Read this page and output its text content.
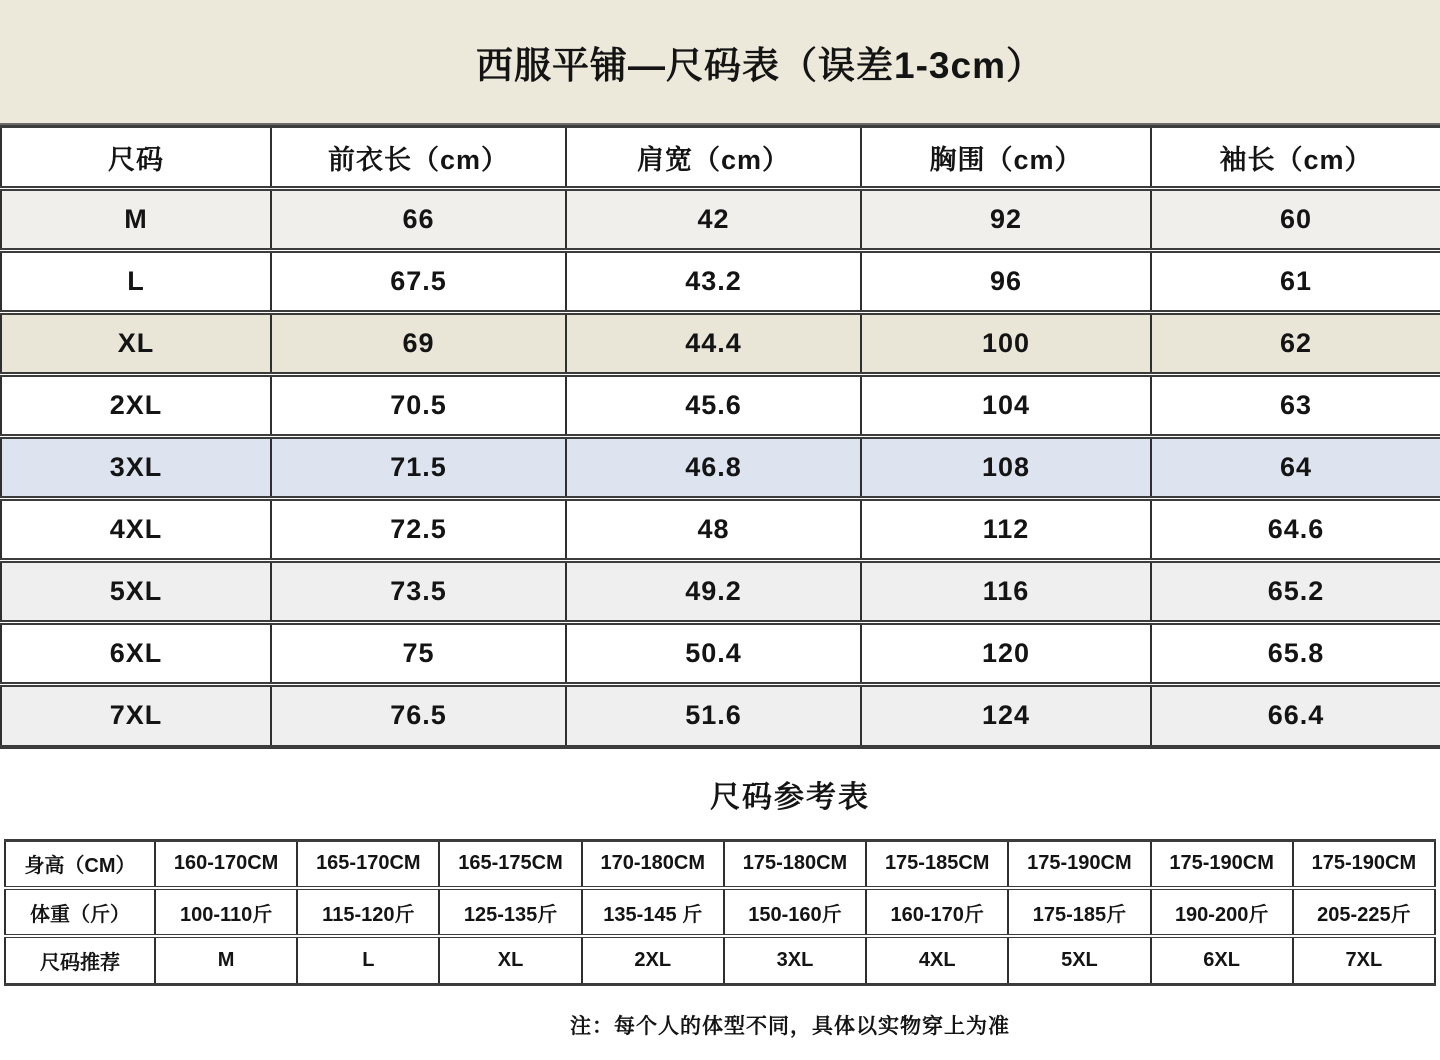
西服平铺—尺码表（误差1-3cm）
尺码	前衣长（cm）	肩宽（cm）	胸围（cm）	袖长（cm）
M	66	42	92	60
L	67.5	43.2	96	61
XL	69	44.4	100	62
2XL	70.5	45.6	104	63
3XL	71.5	46.8	108	64
4XL	72.5	48	112	64.6
5XL	73.5	49.2	116	65.2
6XL	75	50.4	120	65.8
7XL	76.5	51.6	124	66.4
尺码参考表
身高（CM）	160-170CM	165-170CM	165-175CM	170-180CM	175-180CM	175-185CM	175-190CM	175-190CM	175-190CM
体重（斤）	100-110斤	115-120斤	125-135斤	135-145 斤	150-160斤	160-170斤	175-185斤	190-200斤	205-225斤
尺码推荐	M	L	XL	2XL	3XL	4XL	5XL	6XL	7XL
注：每个人的体型不同，具体以实物穿上为准
